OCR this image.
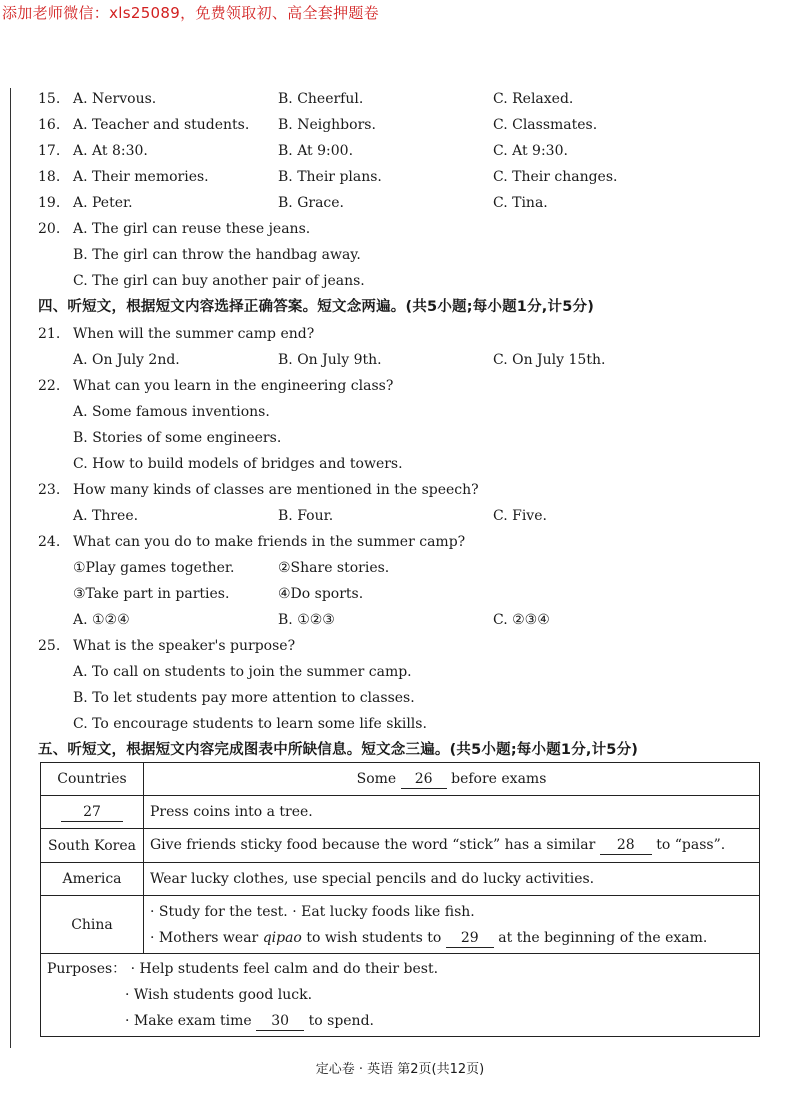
添加老师微信：xls25089，免费领取初、高全套押题卷
15. A. Nervous.	B. Cheerful.	C. Relaxed.
16. A. Teacher and students. B. Neighbors.	C. Classmates.
17. A. At 8:30.	B. At 9:00.	C. At 9:30.
18. A. Their memories.	B. Their plans.	C. Their changes.
19. A. Peter.	B. Grace.	C. Tina.
20. A. The girl can reuse these jeans.
B. The girl can throw the handbag away.
C. The girl can buy another pair of jeans.
四、听短文，根据短文内容选择正确答案。短文念两遍。(共5小题;每小题1分,计5分)
21. When will the summer camp end?
A. On July 2nd.	B. On July 9th.	C. On July 15th.
22. What can you learn in the engineering class?
A. Some famous inventions.
B. Stories of some engineers.
C. How to build models of bridges and towers.
23. How many kinds of classes are mentioned in the speech?
A. Three.	B. Four.	C. Five.
24. What can you do to make friends in the summer camp?
①Play games together.	②Share stories.
③Take part in parties.	④Do sports.
A. ①②④	B. ①②③	C. ②③④
25. What is the speaker's purpose?
A. To call on students to join the summer camp.
B. To let students pay more attention to classes.
C. To encourage students to learn some life skills.
五、听短文，根据短文内容完成图表中所缺信息。短文念三遍。(共5小题;每小题1分,计5分)
Countries	Some 26 before exams
27	Press coins into a tree.
South Korea	Give friends sticky food because the word “stick” has a similar 28 to “pass”.
America	Wear lucky clothes, use special pencils and do lucky activities.
China	· Study for the test. · Eat lucky foods like fish.
· Mothers wear qipao to wish students to 29 at the beginning of the exam.

Purposes： · Help students feel calm and do their best.
· Wish students good luck.
· Make exam time 30 to spend.	
定心卷 · 英语 第2页(共12页)
